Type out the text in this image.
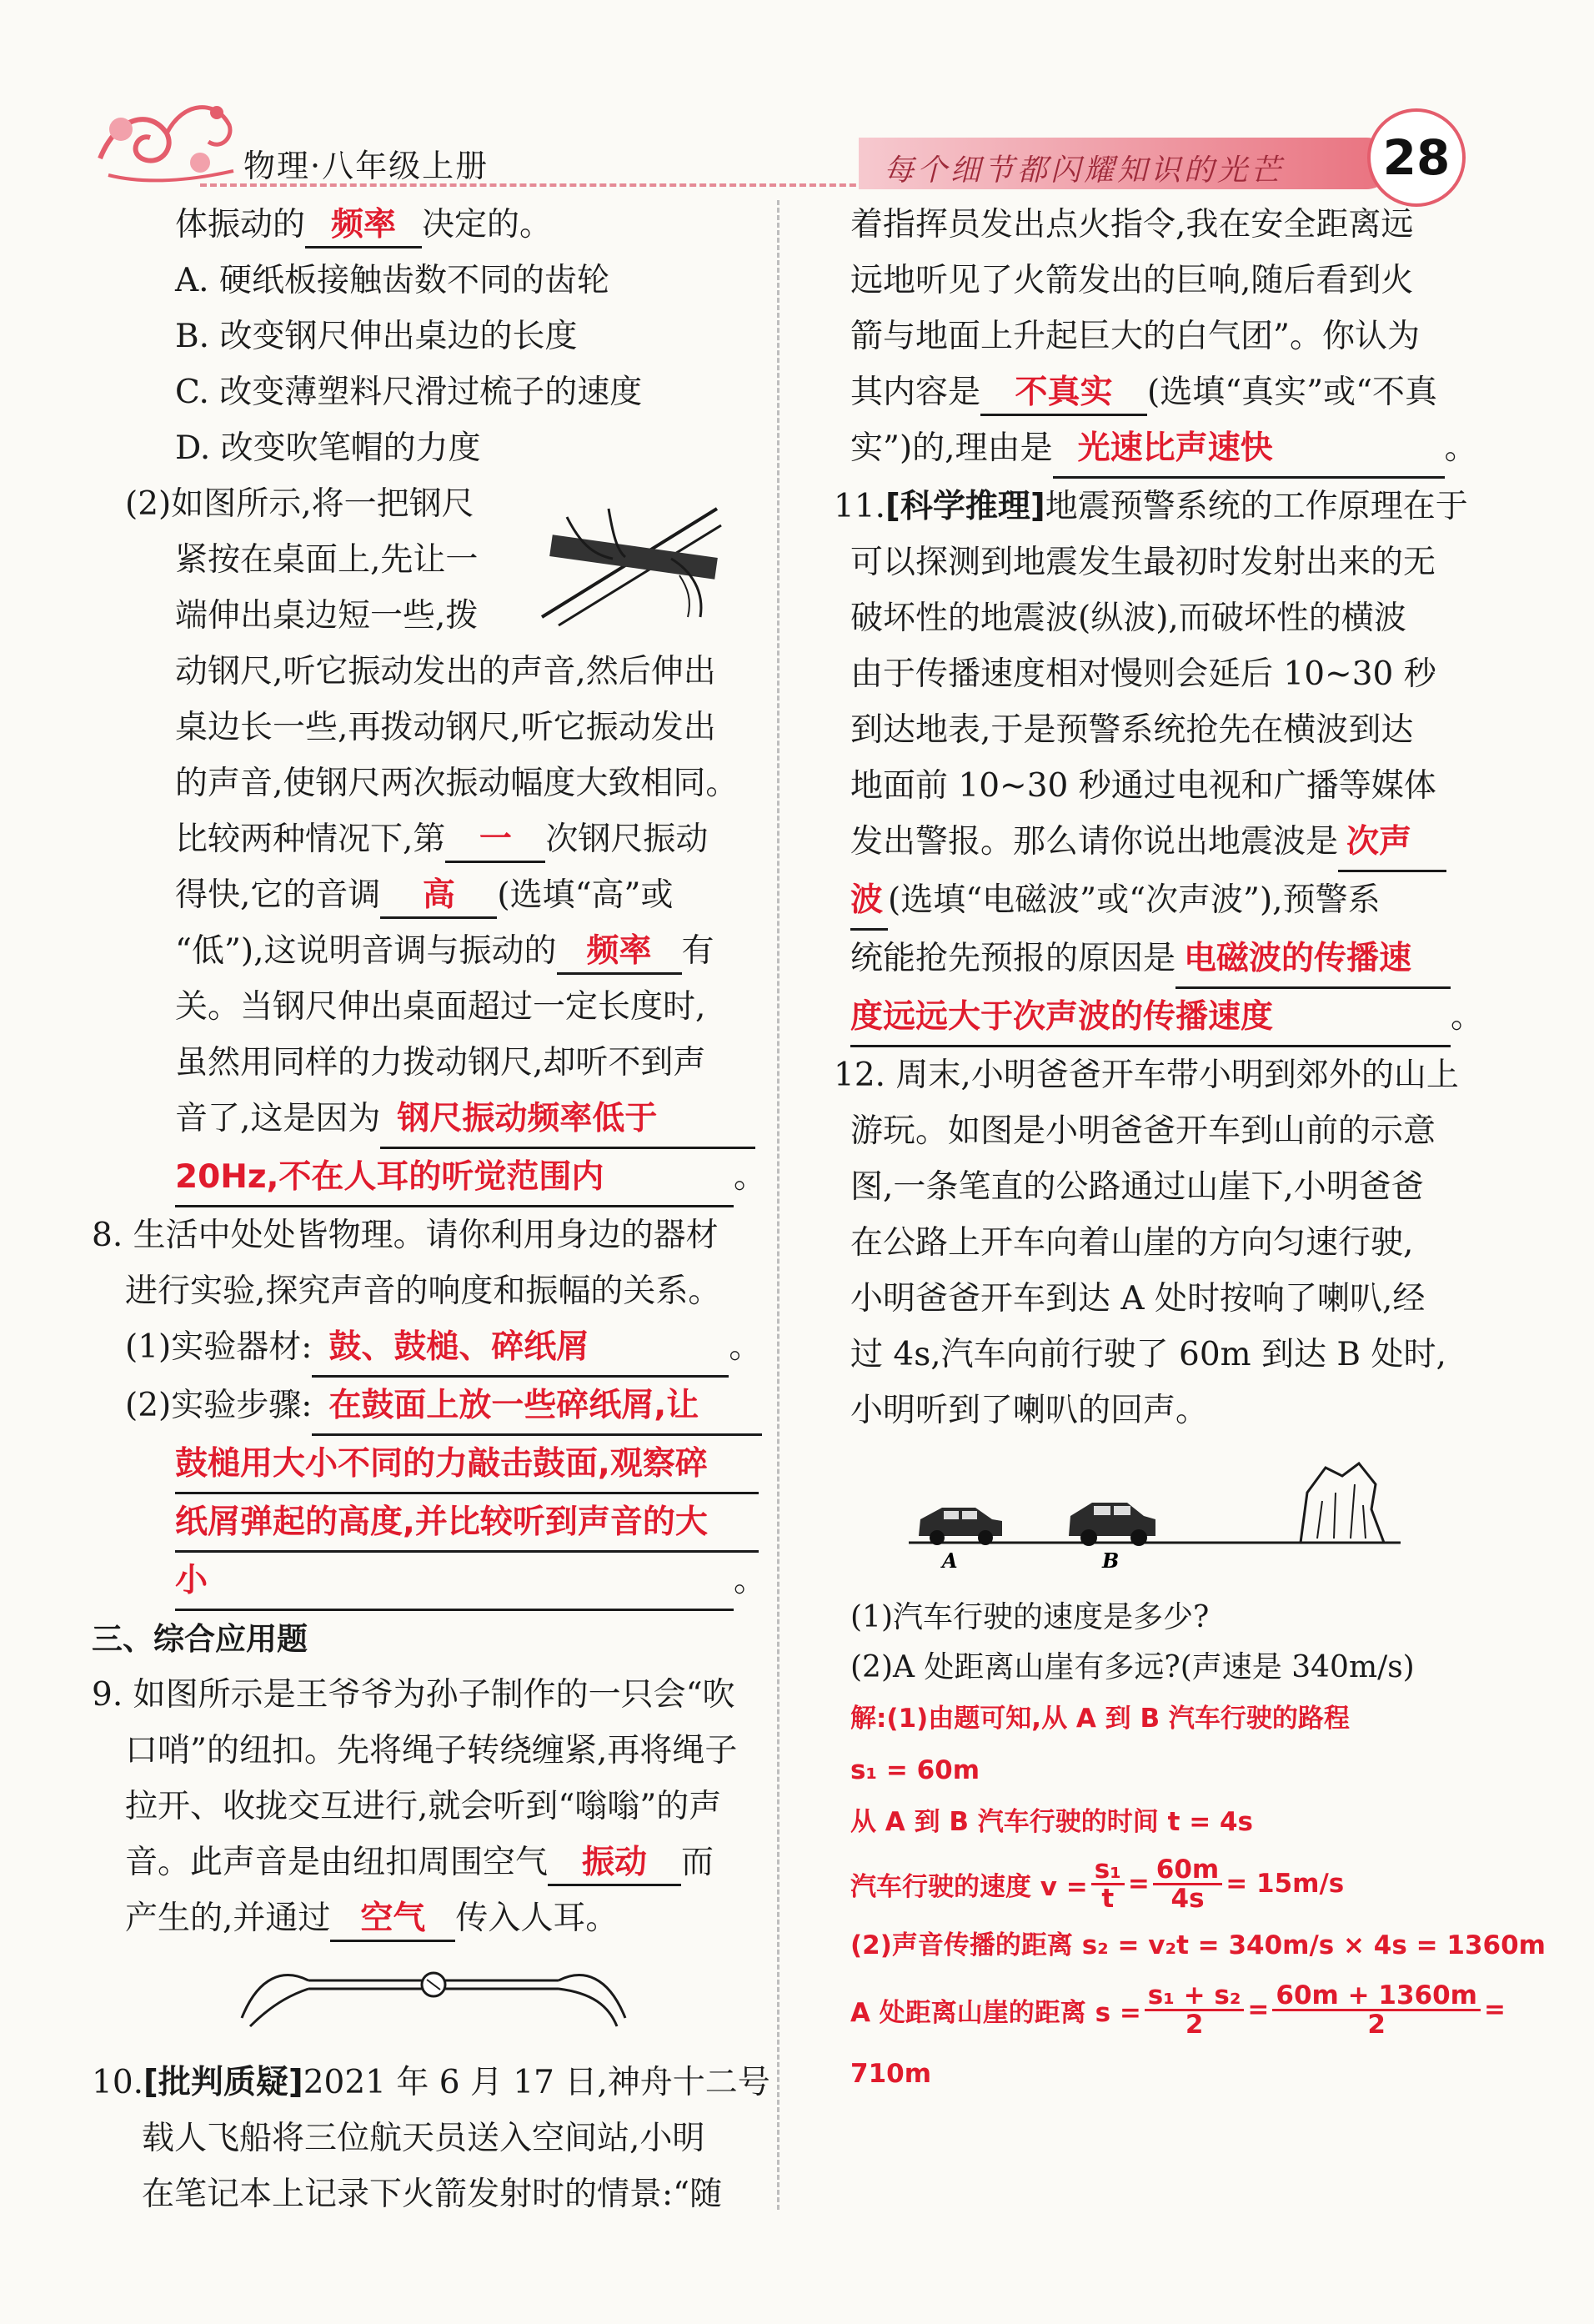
物理·八年级上册	每个细节都闪耀知识的光芒	28
体振动的 频率 决定的。
A. 硬纸板接触齿数不同的齿轮
B. 改变钢尺伸出桌边的长度
C. 改变薄塑料尺滑过梳子的速度
D. 改变吹笔帽的力度
(2)如图所示,将一把钢尺
紧按在桌面上,先让一
端伸出桌边短一些,拨
动钢尺,听它振动发出的声音,然后伸出
桌边长一些,再拨动钢尺,听它振动发出
的声音,使钢尺两次振动幅度大致相同。
比较两种情况下,第 一 次钢尺振动
得快,它的音调 高 (选填“高”或
“低”),这说明音调与振动的 频率 有
关。当钢尺伸出桌面超过一定长度时,
虽然用同样的力拨动钢尺,却听不到声
音了,这是因为 钢尺振动频率低于
20Hz,不在人耳的听觉范围内	。
8. 生活中处处皆物理。请你利用身边的器材
进行实验,探究声音的响度和振幅的关系。
(1)实验器材: 鼓、鼓槌、碎纸屑	。
(2)实验步骤: 在鼓面上放一些碎纸屑,让
鼓槌用大小不同的力敲击鼓面,观察碎
纸屑弹起的高度,并比较听到声音的大
小	。
三、综合应用题
9. 如图所示是王爷爷为孙子制作的一只会“吹
口哨”的纽扣。先将绳子转绕缠紧,再将绳子
拉开、收拢交互进行,就会听到“嗡嗡”的声
音。此声音是由纽扣周围空气 振动 而
产生的,并通过 空气 传入人耳。
10.[批判质疑]2021 年 6 月 17 日,神舟十二号
载人飞船将三位航天员送入空间站,小明
在笔记本上记录下火箭发射时的情景:“随
着指挥员发出点火指令,我在安全距离远
远地听见了火箭发出的巨响,随后看到火
箭与地面上升起巨大的白气团”。你认为
其内容是 不真实 (选填“真实”或“不真
实”)的,理由是 光速比声速快	。
11.[科学推理]地震预警系统的工作原理在于
可以探测到地震发生最初时发射出来的无
破坏性的地震波(纵波),而破坏性的横波
由于传播速度相对慢则会延后 10~30 秒
到达地表,于是预警系统抢先在横波到达
地面前 10~30 秒通过电视和广播等媒体
发出警报。那么请你说出地震波是 次声
波 (选填“电磁波”或“次声波”),预警系
统能抢先预报的原因是 电磁波的传播速
度远远大于次声波的传播速度	。
12. 周末,小明爸爸开车带小明到郊外的山上
游玩。如图是小明爸爸开车到山前的示意
图,一条笔直的公路通过山崖下,小明爸爸
在公路上开车向着山崖的方向匀速行驶,
小明爸爸开车到达 A 处时按响了喇叭,经
过 4s,汽车向前行驶了 60m 到达 B 处时,
小明听到了喇叭的回声。
(1)汽车行驶的速度是多少?
(2)A 处距离山崖有多远?(声速是 340m/s)
解:(1)由题可知,从 A 到 B 汽车行驶的路程
s₁ = 60m
从 A 到 B 汽车行驶的时间 t = 4s
汽车行驶的速度 $v = \frac{\text{s₁}}{t} = \frac{60m}{4s} = 15m/s$
(2)声音传播的距离 s₂ = v₂t = 340m/s × 4s = 1360m
A 处距离山崖的距离 $s = \frac{\text{s₁ + s₂}}{2} = \frac{60m + 1360m}{2}$ =
710m
A	B
